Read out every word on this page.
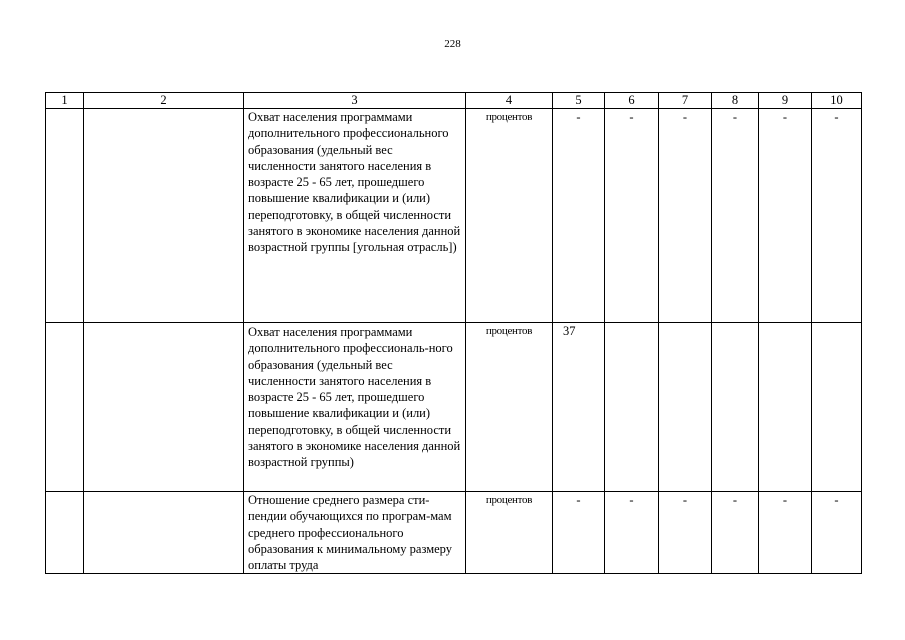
228
1	2	3	4	5	6	7	8	9	10
		Охват населения программами дополнительного профессионального образования (удельный вес численности занятого населения в возрасте 25 - 65 лет, прошедшего повышение квалификации и (или) переподготовку, в общей численности занятого в экономике населения данной возрастной группы [угольная отрасль])	процентов	-	-	-	-	-	-
		Охват населения программами дополнительного профессиональ-ного образования (удельный вес численности занятого населения в возрасте 25 - 65 лет, прошедшего повышение квалификации и (или) переподготовку, в общей численности занятого в экономике населения данной возрастной группы)	процентов	37					
		Отношение среднего размера сти-пендии обучающихся по програм-мам среднего профессионального образования к минимальному размеру оплаты труда	процентов	-	-	-	-	-	-
